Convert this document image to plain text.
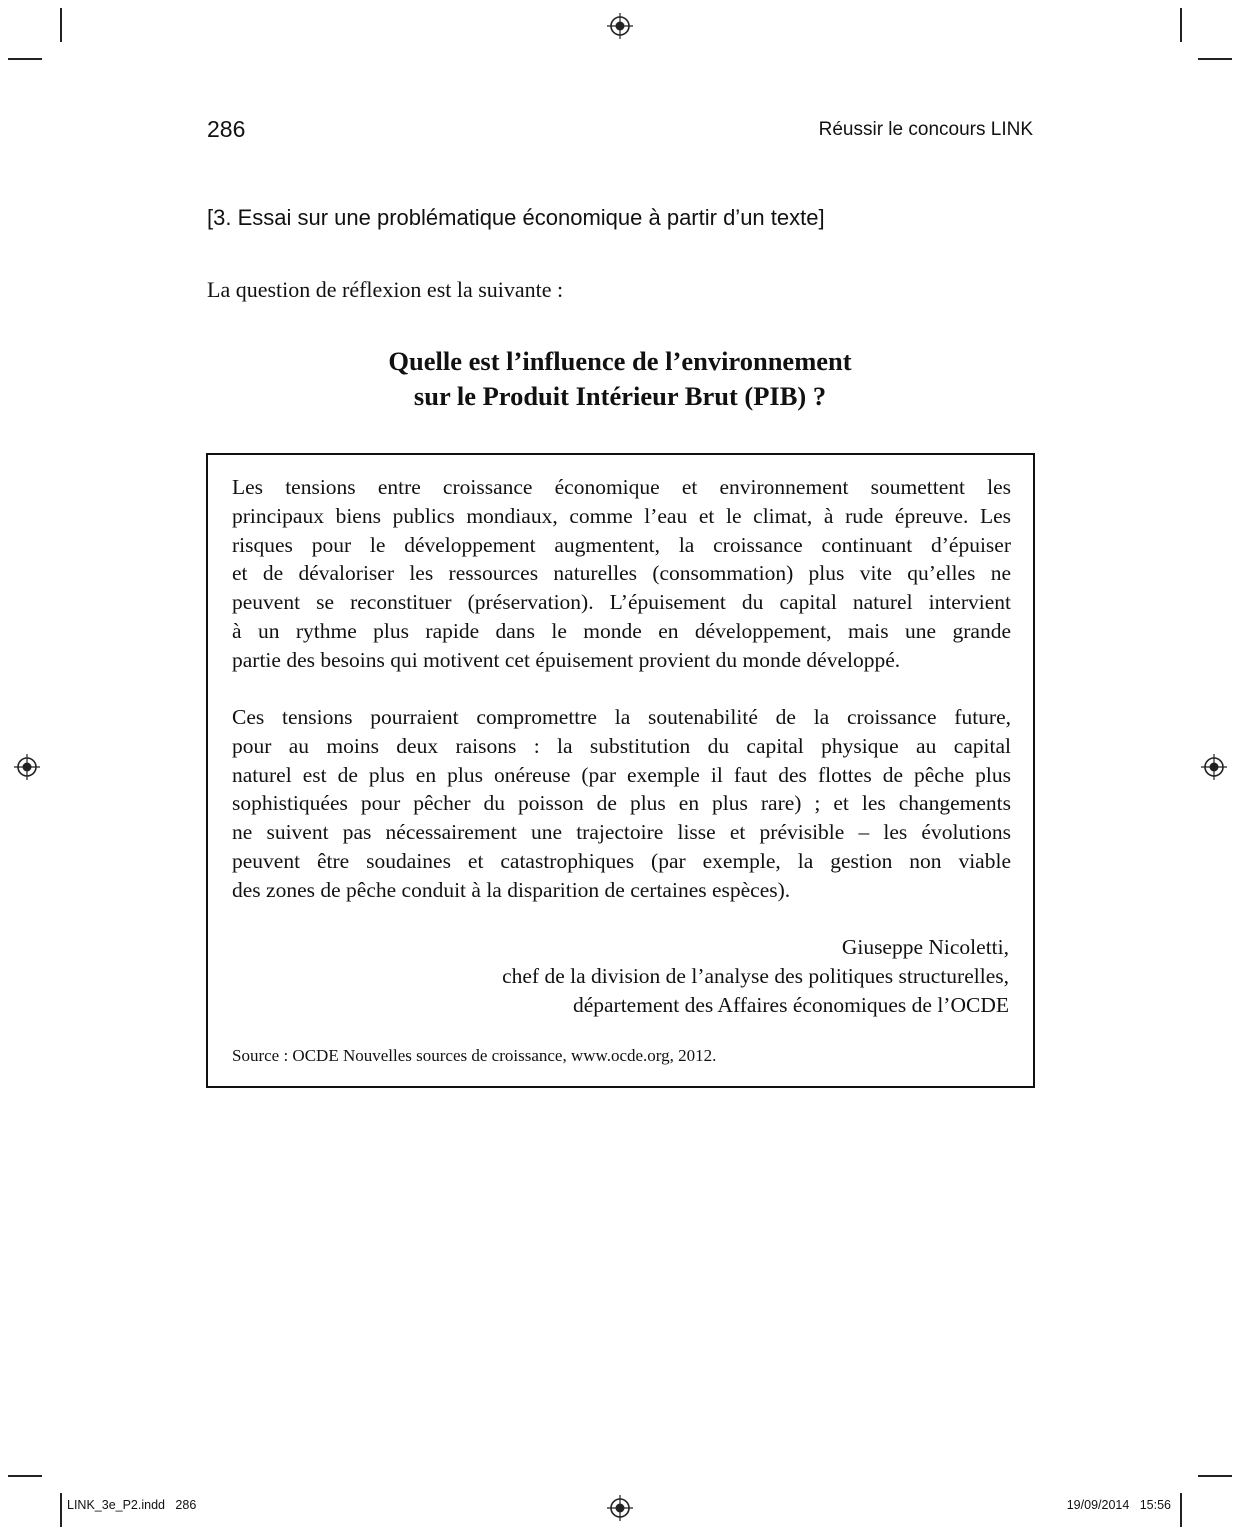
286	Réussir le concours LINK
[3. Essai sur une problématique économique à partir d’un texte]
La question de réflexion est la suivante :
Quelle est l’influence de l’environnement
sur le Produit Intérieur Brut (PIB) ?
Les tensions entre croissance économique et environnement soumettent les
principaux biens publics mondiaux, comme l’eau et le climat, à rude épreuve. Les
risques pour le développement augmentent, la croissance continuant d’épuiser
et de dévaloriser les ressources naturelles (consommation) plus vite qu’elles ne
peuvent se reconstituer (préservation). L’épuisement du capital naturel intervient
à un rythme plus rapide dans le monde en développement, mais une grande
partie des besoins qui motivent cet épuisement provient du monde développé.
Ces tensions pourraient compromettre la soutenabilité de la croissance future,
pour au moins deux raisons : la substitution du capital physique au capital
naturel est de plus en plus onéreuse (par exemple il faut des flottes de pêche plus
sophistiquées pour pêcher du poisson de plus en plus rare) ; et les changements
ne suivent pas nécessairement une trajectoire lisse et prévisible – les évolutions
peuvent être soudaines et catastrophiques (par exemple, la gestion non viable
des zones de pêche conduit à la disparition de certaines espèces).
Giuseppe Nicoletti,
chef de la division de l’analyse des politiques structurelles,
département des Affaires économiques de l’OCDE
Source : OCDE Nouvelles sources de croissance, www.ocde.org, 2012.
LINK_3e_P2.indd   286	19/09/2014   15:56
